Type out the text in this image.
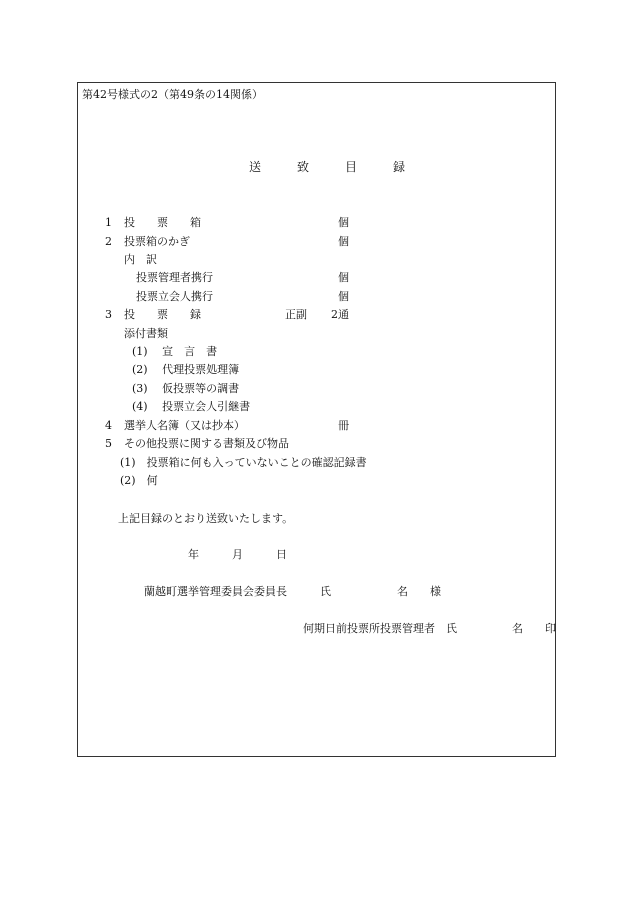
第42号様式の2（第49条の14関係）
送　　　致　　　目　　　録
1 投　　票　　箱	個
2 投票箱のかぎ	個
内　訳
投票管理者携行	個
投票立会人携行	個
3 投　　票　　録	正副 2通
添付書類
(1)　 宣　言　書
(2)　 代理投票処理簿
(3)　 仮投票等の調書
(4)　 投票立会人引継書
4 選挙人名簿（又は抄本）	冊
5 その他投票に関する書類及び物品
(1)　投票箱に何も入っていないことの確認記録書
(2)　何
上記目録のとおり送致いたします。
年　　　月　　　日
蘭越町選挙管理委員会委員長　　　氏　　　　　　名　　様
何期日前投票所投票管理者　氏　　　　　名　　印
